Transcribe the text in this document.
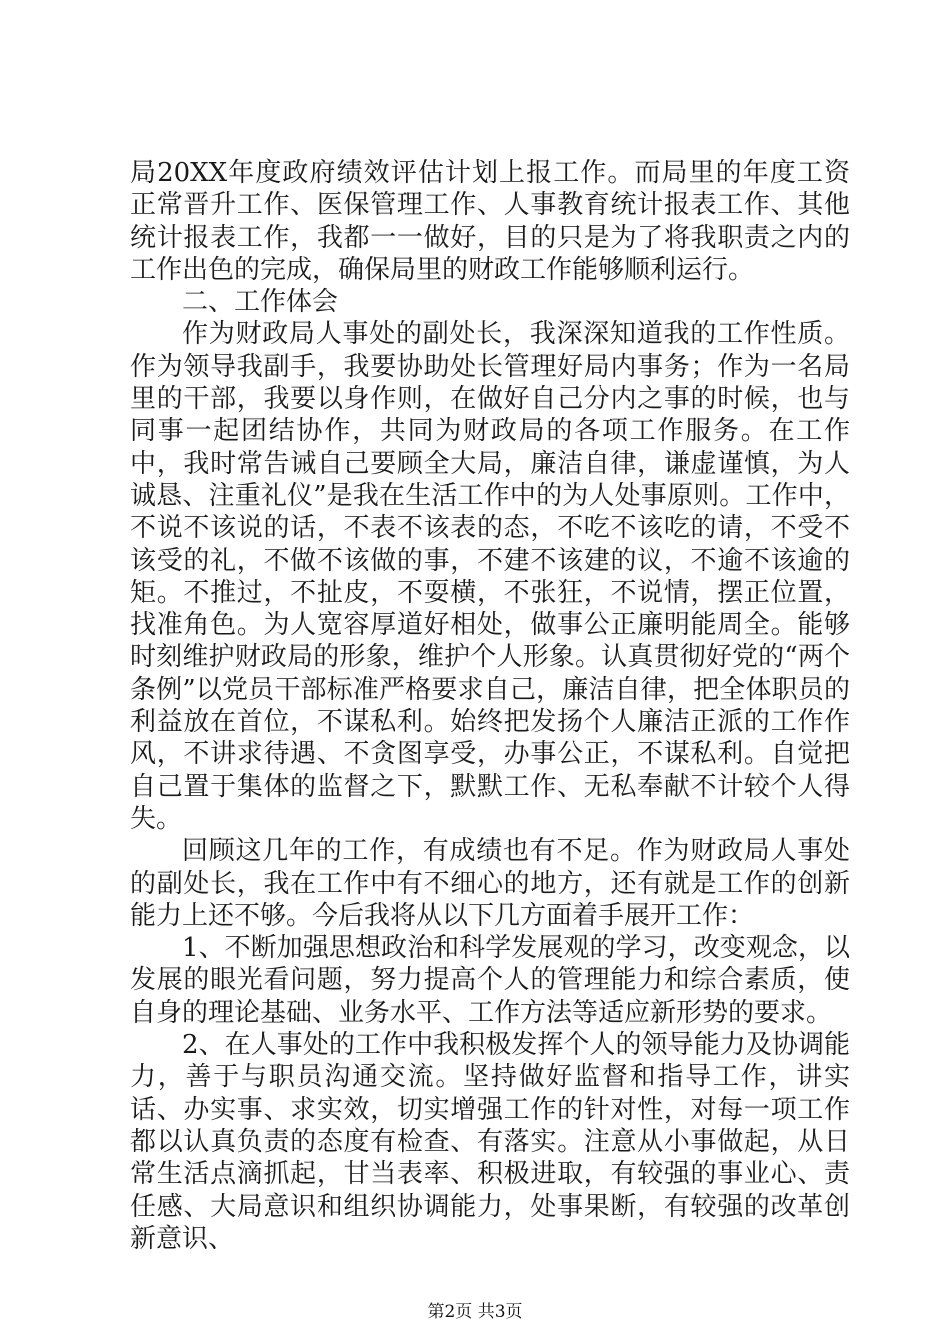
局20XX年度政府绩效评估计划上报工作。而局里的年度工资正常晋升工作、医保管理工作、人事教育统计报表工作、其他统计报表工作，我都一一做好，目的只是为了将我职责之内的工作出色的完成，确保局里的财政工作能够顺利运行。

二、工作体会

作为财政局人事处的副处长，我深深知道我的工作性质。作为领导我副手，我要协助处长管理好局内事务；作为一名局里的干部，我要以身作则，在做好自己分内之事的时候，也与同事一起团结协作，共同为财政局的各项工作服务。在工作中，我时常告诫自己要顾全大局，廉洁自律，谦虚谨慎，为人诚恳、注重礼仪”是我在生活工作中的为人处事原则。工作中，不说不该说的话，不表不该表的态，不吃不该吃的请，不受不该受的礼，不做不该做的事，不建不该建的议，不逾不该逾的矩。不推过，不扯皮，不耍横，不张狂，不说情，摆正位置，找准角色。为人宽容厚道好相处，做事公正廉明能周全。能够时刻维护财政局的形象，维护个人形象。认真贯彻好党的“两个条例”以党员干部标准严格要求自己，廉洁自律，把全体职员的利益放在首位，不谋私利。始终把发扬个人廉洁正派的工作作风，不讲求待遇、不贪图享受，办事公正，不谋私利。自觉把自己置于集体的监督之下，默默工作、无私奉献不计较个人得失。

回顾这几年的工作，有成绩也有不足。作为财政局人事处的副处长，我在工作中有不细心的地方，还有就是工作的创新能力上还不够。今后我将从以下几方面着手展开工作：

1、不断加强思想政治和科学发展观的学习，改变观念，以发展的眼光看问题，努力提高个人的管理能力和综合素质，使自身的理论基础、业务水平、工作方法等适应新形势的要求。

2、在人事处的工作中我积极发挥个人的领导能力及协调能力，善于与职员沟通交流。坚持做好监督和指导工作，讲实话、办实事、求实效，切实增强工作的针对性，对每一项工作都以认真负责的态度有检查、有落实。注意从小事做起，从日常生活点滴抓起，甘当表率、积极进取，有较强的事业心、责任感、大局意识和组织协调能力，处事果断，有较强的改革创新意识、

第2页 共3页
